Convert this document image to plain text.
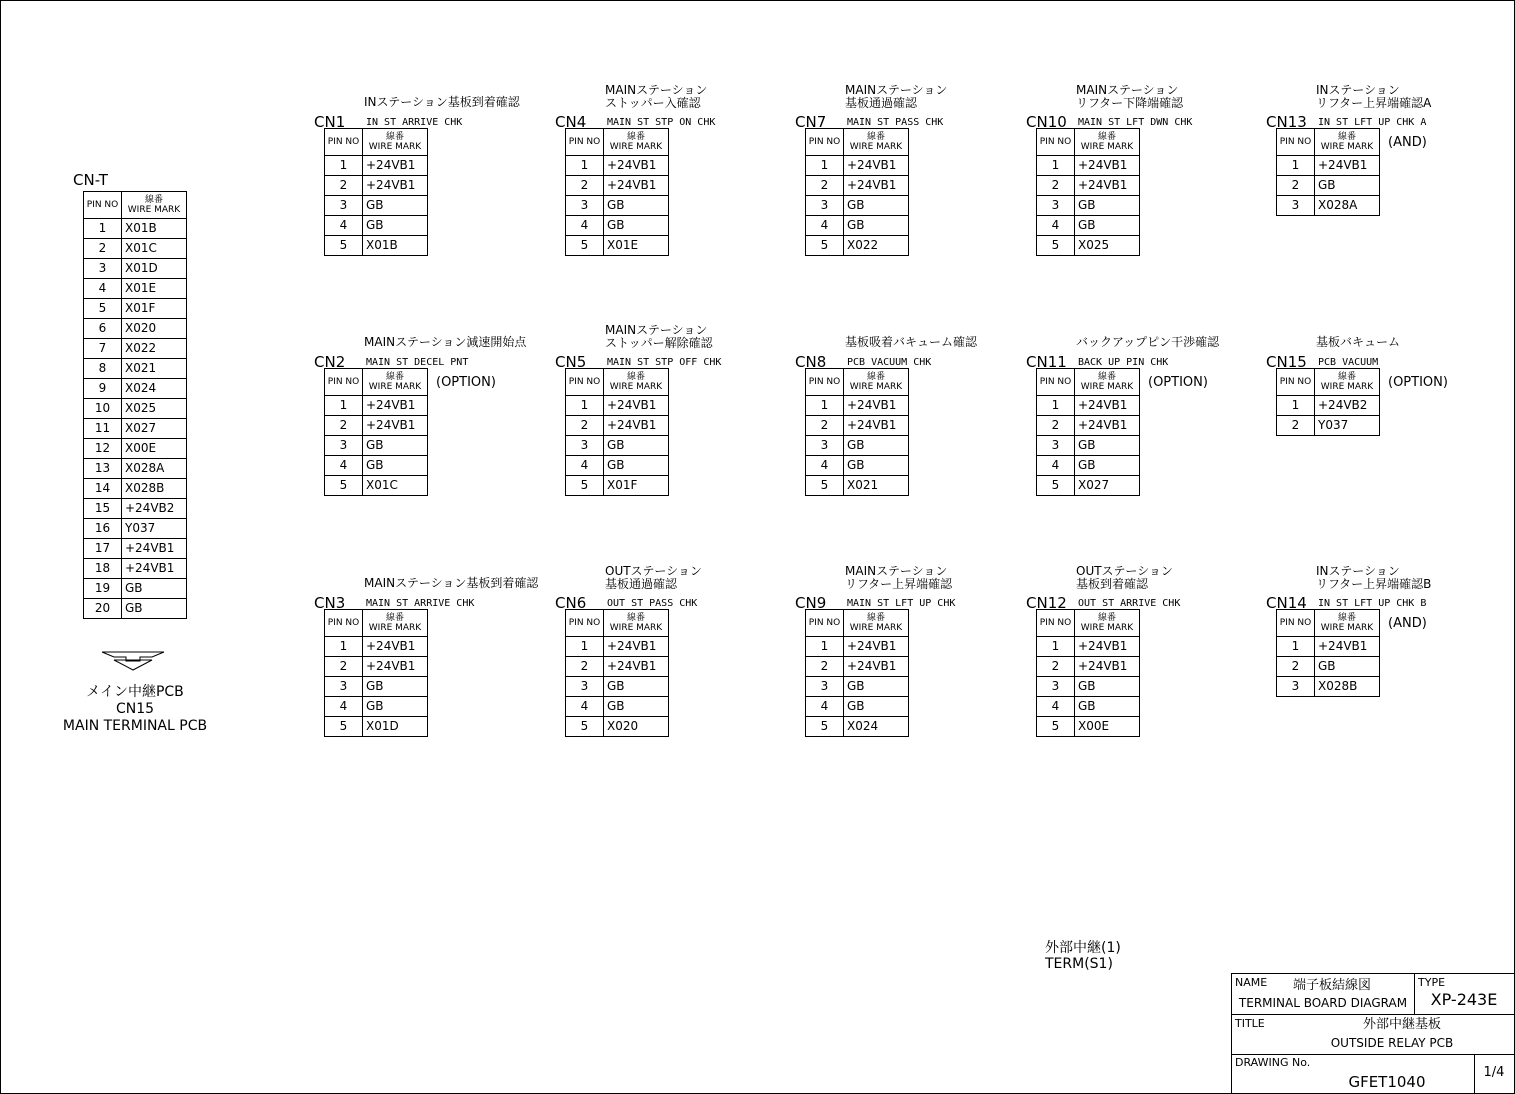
CN-T
PIN NO	線番
WIRE MARK

1	X01B
2	X01C
3	X01D
4	X01E
5	X01F
6	X020
7	X022
8	X021
9	X024
10	X025
11	X027
12	X00E
13	X028A
14	X028B
15	+24VB2
16	Y037
17	+24VB1
18	+24VB1
19	GB
20	GB
メイン中継PCB
CN15
MAIN TERMINAL PCB
INステーション基板到着確認
CN1 IN ST ARRIVE CHK
PIN NO	線番
WIRE MARK

1	+24VB1
2	+24VB1
3	GB
4	GB
5	X01B
MAINステーション
ストッパー入確認
CN4 MAIN ST STP ON CHK
PIN NO	線番
WIRE MARK

1	+24VB1
2	+24VB1
3	GB
4	GB
5	X01E
MAINステーション
基板通過確認
CN7 MAIN ST PASS CHK
PIN NO	線番
WIRE MARK

1	+24VB1
2	+24VB1
3	GB
4	GB
5	X022
MAINステーション
リフター下降端確認
CN10 MAIN ST LFT DWN CHK
PIN NO	線番
WIRE MARK

1	+24VB1
2	+24VB1
3	GB
4	GB
5	X025
INステーション
リフター上昇端確認A
CN13 IN ST LFT UP CHK A
(AND)
PIN NO	線番
WIRE MARK

1	+24VB1
2	GB
3	X028A
MAINステーション減速開始点
CN2 MAIN ST DECEL PNT
(OPTION)
PIN NO	線番
WIRE MARK

1	+24VB1
2	+24VB1
3	GB
4	GB
5	X01C
MAINステーション
ストッパー解除確認
CN5 MAIN ST STP OFF CHK
PIN NO	線番
WIRE MARK

1	+24VB1
2	+24VB1
3	GB
4	GB
5	X01F
基板吸着バキューム確認
CN8 PCB VACUUM CHK
PIN NO	線番
WIRE MARK

1	+24VB1
2	+24VB1
3	GB
4	GB
5	X021
バックアップピン干渉確認
CN11 BACK UP PIN CHK
(OPTION)
PIN NO	線番
WIRE MARK

1	+24VB1
2	+24VB1
3	GB
4	GB
5	X027
基板バキューム
CN15 PCB VACUUM
(OPTION)
PIN NO	線番
WIRE MARK

1	+24VB2
2	Y037
MAINステーション基板到着確認
CN3 MAIN ST ARRIVE CHK
PIN NO	線番
WIRE MARK

1	+24VB1
2	+24VB1
3	GB
4	GB
5	X01D
OUTステーション
基板通過確認
CN6 OUT ST PASS CHK
PIN NO	線番
WIRE MARK

1	+24VB1
2	+24VB1
3	GB
4	GB
5	X020
MAINステーション
リフター上昇端確認
CN9 MAIN ST LFT UP CHK
PIN NO	線番
WIRE MARK

1	+24VB1
2	+24VB1
3	GB
4	GB
5	X024
OUTステーション
基板到着確認
CN12 OUT ST ARRIVE CHK
PIN NO	線番
WIRE MARK

1	+24VB1
2	+24VB1
3	GB
4	GB
5	X00E
INステーション
リフター上昇端確認B
CN14 IN ST LFT UP CHK B
(AND)
PIN NO	線番
WIRE MARK

1	+24VB1
2	GB
3	X028B
外部中継(1)
TERM(S1)
NAME	端子板結線図
TERMINAL BOARD DIAGRAM
TYPE
XP-243E
TITLE	外部中継基板
OUTSIDE RELAY PCB
DRAWING No.
GFET1040
1/4
